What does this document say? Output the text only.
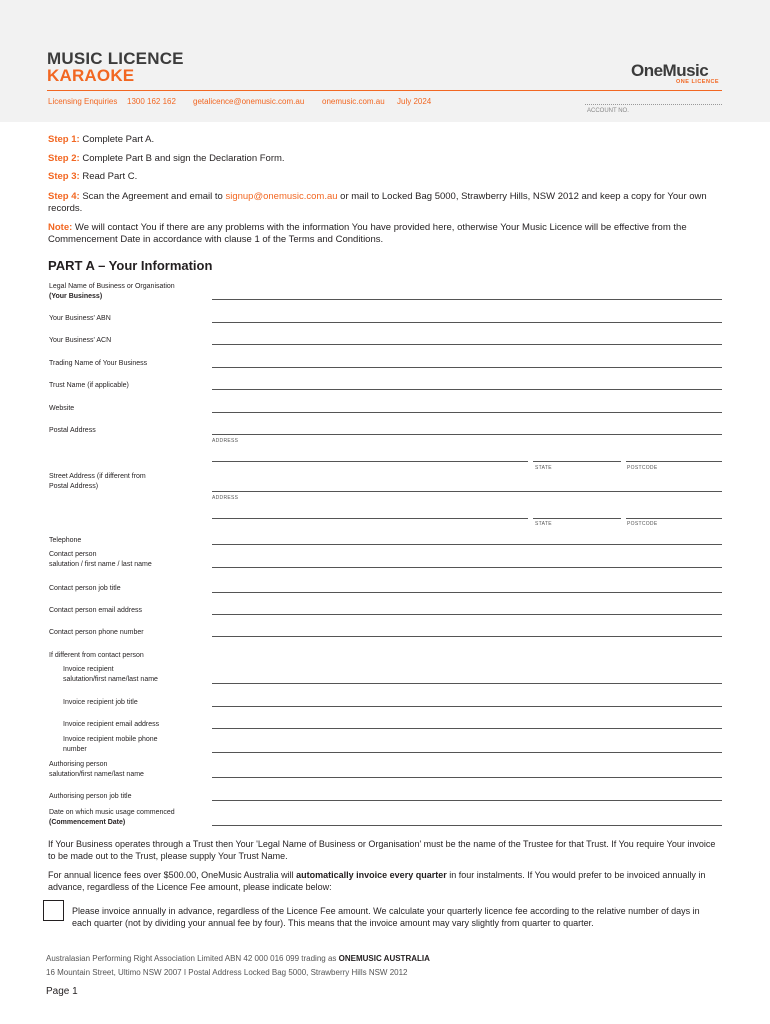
MUSIC LICENCE
KARAOKE	OneMusic
ONE LICENCE
Licensing Enquiries 1300 162 162 getalicence@onemusic.com.au onemusic.com.au July 2024
ACCOUNT NO.
Step 1: Complete Part A.
Step 2: Complete Part B and sign the Declaration Form.
Step 3: Read Part C.
Step 4: Scan the Agreement and email to signup@onemusic.com.au or mail to Locked Bag 5000, Strawberry Hills, NSW 2012 and keep a copy for Your own records.
Note: We will contact You if there are any problems with the information You have provided here, otherwise Your Music Licence will be effective from the Commencement Date in accordance with clause 1 of the Terms and Conditions.
PART A – Your Information
Legal Name of Business or Organisation
(Your Business)
Your Business' ABN
Your Business' ACN
Trading Name of Your Business
Trust Name (if applicable)
Website
Postal Address
ADDRESS
STATE	POSTCODE
Street Address (if different from
Postal Address)
ADDRESS
STATE	POSTCODE
Telephone
Contact person
salutation / first name / last name
Contact person job title
Contact person email address
Contact person phone number
If different from contact person
Invoice recipient
salutation/first name/last name
Invoice recipient job title
Invoice recipient email address
Invoice recipient mobile phone
number
Authorising person
salutation/first name/last name
Authorising person job title
Date on which music usage commenced
(Commencement Date)
If Your Business operates through a Trust then Your 'Legal Name of Business or Organisation' must be the name of the Trustee for that Trust. If You require Your invoice to be made out to the Trust, please supply Your Trust Name.
For annual licence fees over $500.00, OneMusic Australia will automatically invoice every quarter in four instalments. If You would prefer to be invoiced annually in advance, regardless of the Licence Fee amount, please indicate below:
Please invoice annually in advance, regardless of the Licence Fee amount. We calculate your quarterly licence fee according to the relative number of days in each quarter (not by dividing your annual fee by four). This means that the invoice amount may vary slightly from quarter to quarter.
Australasian Performing Right Association Limited ABN 42 000 016 099 trading as ONEMUSIC AUSTRALIA
16 Mountain Street, Ultimo NSW 2007 I Postal Address Locked Bag 5000, Strawberry Hills NSW 2012
Page 1
